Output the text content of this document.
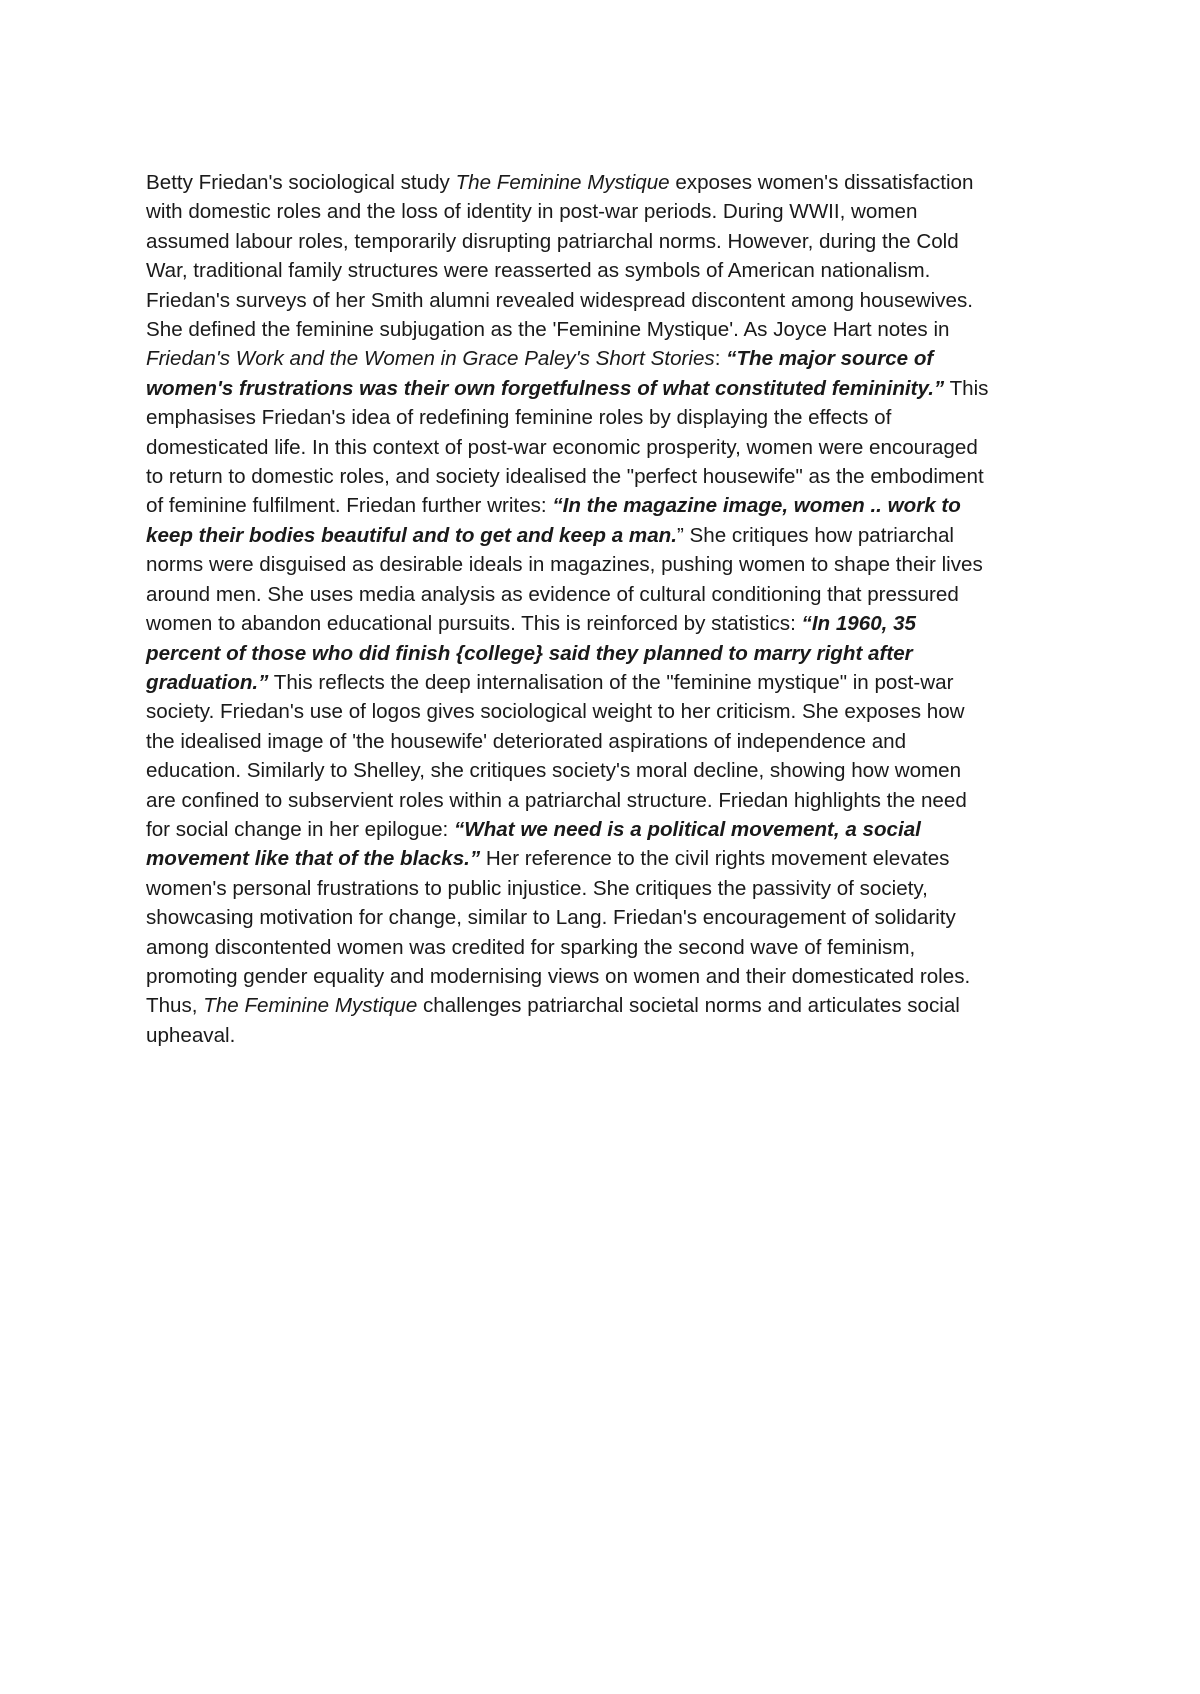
Betty Friedan's sociological study The Feminine Mystique exposes women's dissatisfaction
with domestic roles and the loss of identity in post-war periods. During WWII, women
assumed labour roles, temporarily disrupting patriarchal norms. However, during the Cold
War, traditional family structures were reasserted as symbols of American nationalism.
Friedan's surveys of her Smith alumni revealed widespread discontent among housewives.
She defined the feminine subjugation as the 'Feminine Mystique'. As Joyce Hart notes in
Friedan's Work and the Women in Grace Paley's Short Stories: “The major source of
women's frustrations was their own forgetfulness of what constituted femininity.” This
emphasises Friedan's idea of redefining feminine roles by displaying the effects of
domesticated life. In this context of post-war economic prosperity, women were encouraged
to return to domestic roles, and society idealised the "perfect housewife" as the embodiment
of feminine fulfilment. Friedan further writes: “In the magazine image, women .. work to
keep their bodies beautiful and to get and keep a man.” She critiques how patriarchal
norms were disguised as desirable ideals in magazines, pushing women to shape their lives
around men. She uses media analysis as evidence of cultural conditioning that pressured
women to abandon educational pursuits. This is reinforced by statistics: “In 1960, 35
percent of those who did finish {college} said they planned to marry right after
graduation.” This reflects the deep internalisation of the "feminine mystique" in post-war
society. Friedan's use of logos gives sociological weight to her criticism. She exposes how
the idealised image of 'the housewife' deteriorated aspirations of independence and
education. Similarly to Shelley, she critiques society's moral decline, showing how women
are confined to subservient roles within a patriarchal structure. Friedan highlights the need
for social change in her epilogue: “What we need is a political movement, a social
movement like that of the blacks.” Her reference to the civil rights movement elevates
women's personal frustrations to public injustice. She critiques the passivity of society,
showcasing motivation for change, similar to Lang. Friedan's encouragement of solidarity
among discontented women was credited for sparking the second wave of feminism,
promoting gender equality and modernising views on women and their domesticated roles.
Thus, The Feminine Mystique challenges patriarchal societal norms and articulates social
upheaval.
